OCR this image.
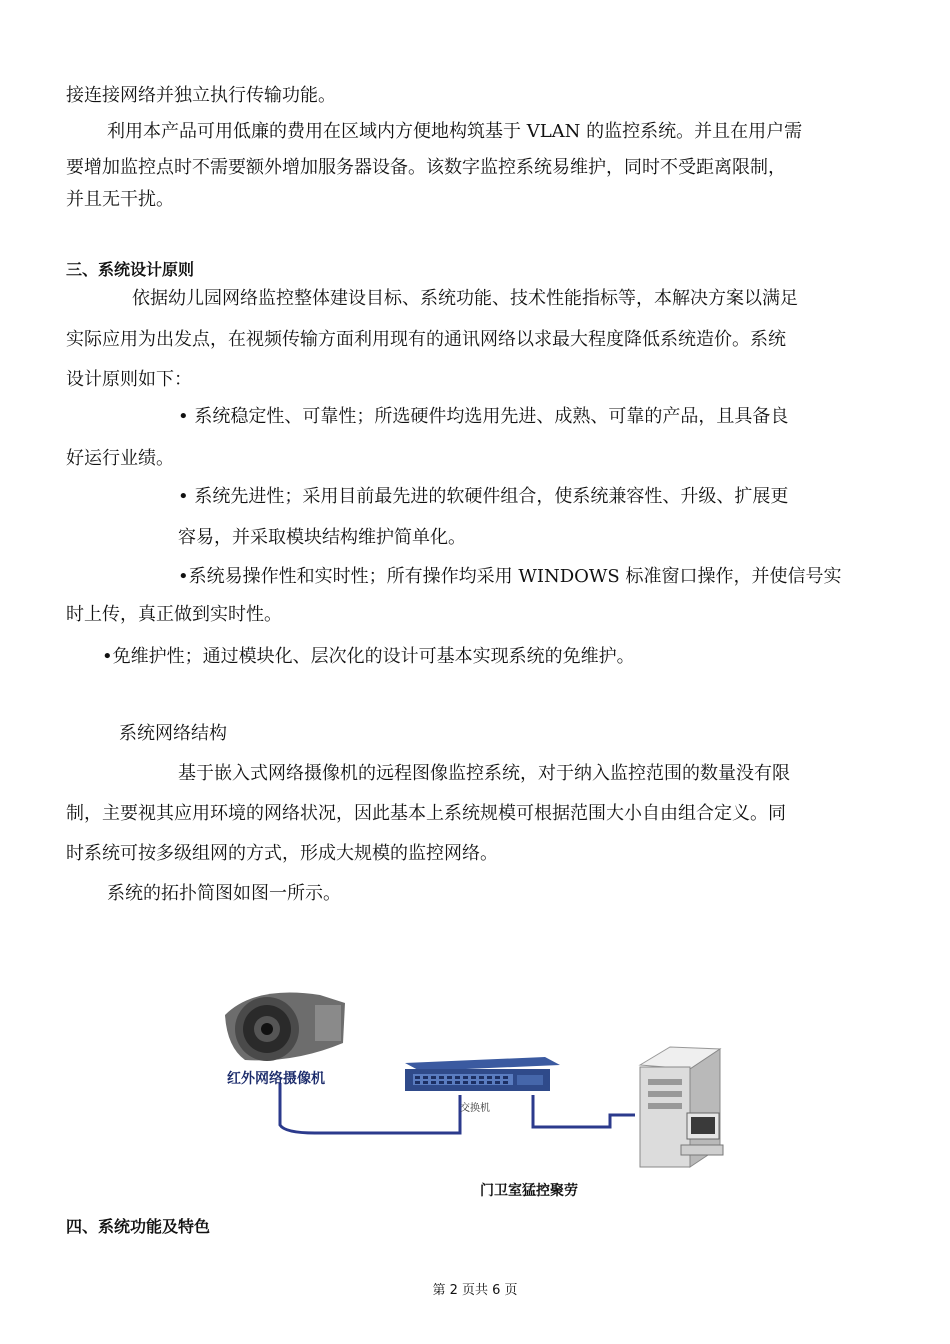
接连接网络并独立执行传输功能。
利用本产品可用低廉的费用在区域内方便地构筑基于 VLAN 的监控系统。并且在用户需
要增加监控点时不需要额外增加服务器设备。该数字监控系统易维护，同时不受距离限制，
并且无干扰。
三、系统设计原则
依据幼儿园网络监控整体建设目标、系统功能、技术性能指标等，本解决方案以满足
实际应用为出发点，在视频传输方面利用现有的通讯网络以求最大程度降低系统造价。系统
设计原则如下：
• 系统稳定性、可靠性；所选硬件均选用先进、成熟、可靠的产品，且具备良
好运行业绩。
• 系统先进性；采用目前最先进的软硬件组合，使系统兼容性、升级、扩展更
容易，并采取模块结构维护简单化。
•系统易操作性和实时性；所有操作均采用 WINDOWS 标准窗口操作，并使信号实
时上传，真正做到实时性。
•免维护性；通过模块化、层次化的设计可基本实现系统的免维护。
系统网络结构
基于嵌入式网络摄像机的远程图像监控系统，对于纳入监控范围的数量没有限
制，主要视其应用环境的网络状况，因此基本上系统规模可根据范围大小自由组合定义。同
时系统可按多级组网的方式，形成大规模的监控网络。
系统的拓扑简图如图一所示。
红外网络摄像机
交换机
门卫室猛控聚劳
四、系统功能及特色
第 2 页共 6 页
